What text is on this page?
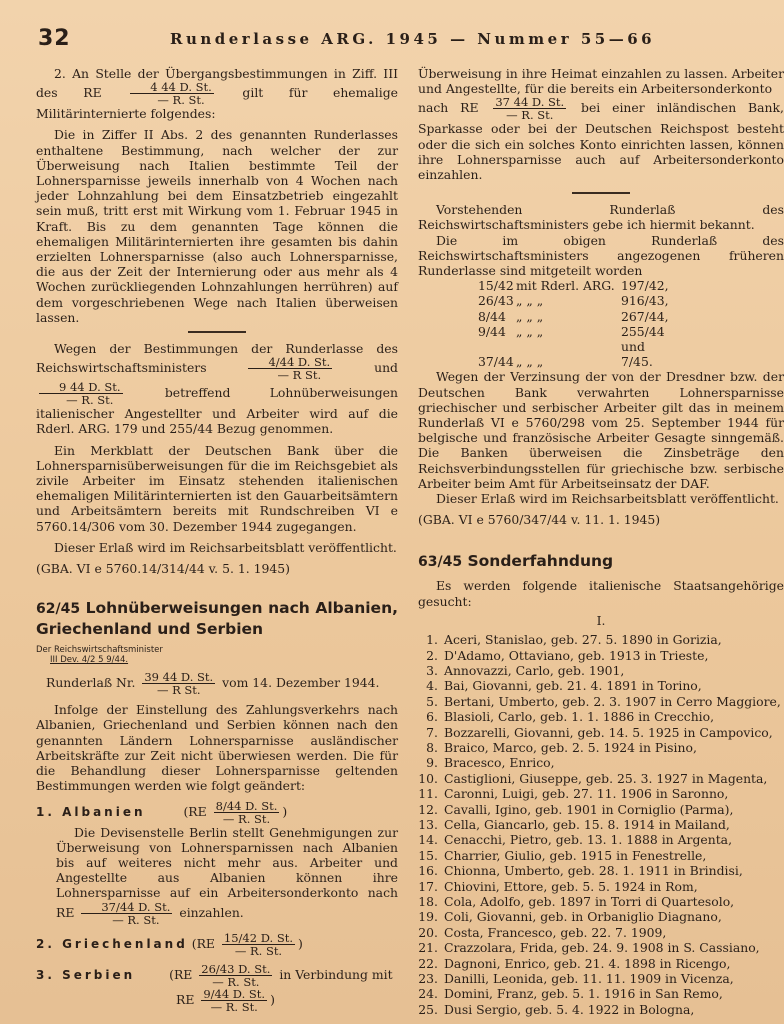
32	Runderlasse ARG. 1945 — Nummer 55—66

2. An Stelle der Übergangsbestimmungen in Ziff. III des RE $\frac{4 44 D. St.}{— R. St.}$ gilt für ehemalige Militärinternierte folgendes:

Die in Ziffer II Abs. 2 des genannten Runderlasses enthaltene Bestimmung, nach welcher der zur Überweisung nach Italien bestimmte Teil der Lohnersparnisse jeweils innerhalb von 4 Wochen nach jeder Lohnzahlung bei dem Einsatzbetrieb eingezahlt sein muß, tritt erst mit Wirkung vom 1. Februar 1945 in Kraft. Bis zu dem genannten Tage können die ehemaligen Militärinternierten ihre gesamten bis dahin erzielten Lohnersparnisse (also auch Lohnersparnisse, die aus der Zeit der Internierung oder aus mehr als 4 Wochen zurückliegenden Lohnzahlungen herrühren) auf dem vorgeschriebenen Wege nach Italien überweisen lassen.

Wegen der Bestimmungen der Runderlasse des Reichswirtschaftsministers	$\frac{4/44 D. St.}{\text{— R St.}}$	und
$\frac{9 44 D. St.}{— R. St.}$	betreffend Lohnüberweisungen italienischer Angestellter und Arbeiter wird auf die Rderl. ARG. 179 und 255/44 Bezug genommen.

Ein Merkblatt der Deutschen Bank über die Lohnersparnisüberweisungen für die im Reichsgebiet als zivile Arbeiter im Einsatz stehenden italienischen ehemaligen Militärinternierten ist den Gauarbeitsämtern und Arbeitsämtern bereits mit Rundschreiben VI e 5760.14/306 vom 30. Dezember 1944 zugegangen.

Dieser Erlaß wird im Reichsarbeitsblatt veröffentlicht.

(GBA. VI e 5760.14/314/44 v. 5. 1. 1945)

62/45 Lohnüberweisungen nach Albanien, Griechenland und Serbien

Der Reichswirtschaftsminister
III Dev. 4/2 5 9/44.

Runderlaß Nr. $\frac{39 44 D. St.}{\text{— R St.}}$ vom 14. Dezember 1944.

Infolge der Einstellung des Zahlungsverkehrs nach Albanien, Griechenland und Serbien können nach den genannten Ländern Lohnersparnisse ausländischer Arbeitskräfte zur Zeit nicht überwiesen werden. Die für die Behandlung dieser Lohnersparnisse geltenden Bestimmungen werden wie folgt geändert:

1. Albanien	($RE \frac{8/44 D. St.}{— R. St.}$ )

Die Devisenstelle Berlin stellt Genehmigungen zur Überweisung von Lohnersparnissen nach Albanien bis auf weiteres nicht mehr aus. Arbeiter und Angestellte aus Albanien können ihre Lohnersparnisse auf ein Arbeitersonderkonto nach RE $\frac{37/44 D. St.}{— R. St.}$ einzahlen.

2. Griechenland ($RE \frac{15/42 D. St.}{— R. St.}$ )

3. Serbien	($RE \frac{26/43 D. St.}{— R. St.}$ in Verbindung mit

RE $\frac{9/44 D. St.}{— R. St.}$ )

Überweisung in ihre Heimat einzahlen zu lassen. Arbeiter und Angestellte, für die bereits ein Arbeitersonderkonto

nach RE $\frac{37 44 D. St.}{— R. St.}$ bei einer inländischen Bank, Sparkasse oder bei der Deutschen Reichspost besteht oder die sich ein solches Konto einrichten lassen, können ihre Lohnersparnisse auch auf Arbeitersonderkonto einzahlen.

Vorstehenden Runderlaß des Reichswirtschaftsministers gebe ich hiermit bekannt.

Die im obigen Runderlaß des Reichswirtschaftsministers angezogenen früheren Runderlasse sind mitgeteilt worden

15/42 mit Rderl. ARG. 197/42,
26/43 „ „ „	916/43,
8/44 „ „ „	267/44,
9/44 „ „ „	255/44 und
37/44 „ „ „	7/45.

Wegen der Verzinsung der von der Dresdner bzw. der Deutschen Bank verwahrten Lohnersparnisse griechischer und serbischer Arbeiter gilt das in meinem Runderlaß VI e 5760/298 vom 25. September 1944 für belgische und französische Arbeiter Gesagte sinngemäß. Die Banken überweisen die Zinsbeträge den Reichsverbindungsstellen für griechische bzw. serbische Arbeiter beim Amt für Arbeitseinsatz der DAF.

Dieser Erlaß wird im Reichsarbeitsblatt veröffentlicht.

(GBA. VI e 5760/347/44 v. 11. 1. 1945)

63/45 Sonderfahndung

Es werden folgende italienische Staatsangehörige gesucht:

I.

1. Aceri, Stanislao, geb. 27. 5. 1890 in Gorizia,
2. D'Adamo, Ottaviano, geb. 1913 in Trieste,
3. Annovazzi, Carlo, geb. 1901,
4. Bai, Giovanni, geb. 21. 4. 1891 in Torino,
5. Bertani, Umberto, geb. 2. 3. 1907 in Cerro Maggiore,
6. Blasioli, Carlo, geb. 1. 1. 1886 in Crecchio,
7. Bozzarelli, Giovanni, geb. 14. 5. 1925 in Campovico,
8. Braico, Marco, geb. 2. 5. 1924 in Pisino,
9. Bracesco, Enrico,
10. Castiglioni, Giuseppe, geb. 25. 3. 1927 in Magenta,
11. Caronni, Luigi, geb. 27. 11. 1906 in Saronno,
12. Cavalli, Igino, geb. 1901 in Corniglio (Parma),
13. Cella, Giancarlo, geb. 15. 8. 1914 in Mailand,
14. Cenacchi, Pietro, geb. 13. 1. 1888 in Argenta,
15. Charrier, Giulio, geb. 1915 in Fenestrelle,
16. Chionna, Umberto, geb. 28. 1. 1911 in Brindisi,
17. Chiovini, Ettore, geb. 5. 5. 1924 in Rom,
18. Cola, Adolfo, geb. 1897 in Torri di Quartesolo,
19. Coli, Giovanni, geb. in Orbaniglio Diagnano,
20. Costa, Francesco, geb. 22. 7. 1909,
21. Crazzolara, Frida, geb. 24. 9. 1908 in S. Cassiano,
22. Dagnoni, Enrico, geb. 21. 4. 1898 in Ricengo,
23. Danilli, Leonida, geb. 11. 11. 1909 in Vicenza,
24. Domini, Franz, geb. 5. 1. 1916 in San Remo,
25. Dusi Sergio, geb. 5. 4. 1922 in Bologna,
